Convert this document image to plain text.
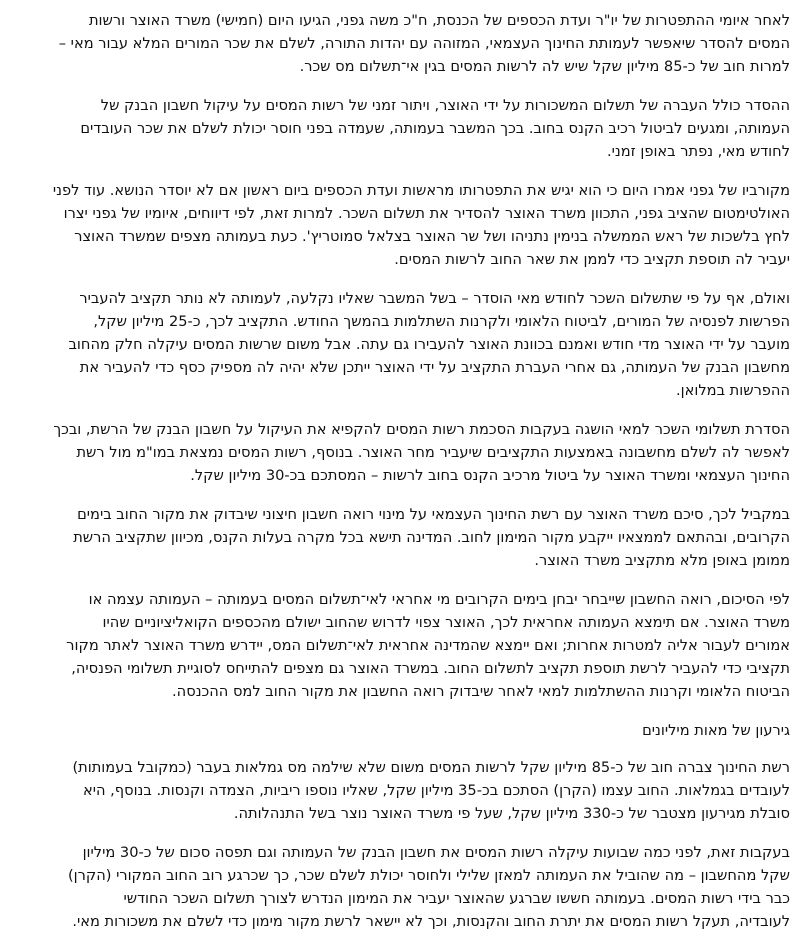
לאחר איומי ההתפטרות של יו"ר ועדת הכספים של הכנסת, ח"כ משה גפני, הגיעו היום (חמישי) משרד האוצר ורשות
המסים להסדר שיאפשר לעמותת החינוך העצמאי, המזוהה עם יהדות התורה, לשלם את שכר המורים המלא עבור מאי –
למרות חוב של כ-85 מיליון שקל שיש לה לרשות המסים בגין אי־תשלום מס שכר.

ההסדר כולל העברה של תשלום המשכורות על ידי האוצר, ויתור זמני של רשות המסים על עיקול חשבון הבנק של
העמותה, ומגעים לביטול רכיב הקנס בחוב. בכך המשבר בעמותה, שעמדה בפני חוסר יכולת לשלם את שכר העובדים
לחודש מאי, נפתר באופן זמני.

מקורביו של גפני אמרו היום כי הוא יגיש את התפטרותו מראשות ועדת הכספים ביום ראשון אם לא יוסדר הנושא. עוד לפני
האולטימטום שהציב גפני, התכוון משרד האוצר להסדיר את תשלום השכר. למרות זאת, לפי דיווחים, איומיו של גפני יצרו
לחץ בלשכות של ראש הממשלה בנימין נתניהו ושל שר האוצר בצלאל סמוטריץ'. כעת בעמותה מצפים שמשרד האוצר
יעביר לה תוספת תקציב כדי לממן את שאר החוב לרשות המסים.

ואולם, אף על פי שתשלום השכר לחודש מאי הוסדר – בשל המשבר שאליו נקלעה, לעמותה לא נותר תקציב להעביר
הפרשות לפנסיה של המורים, לביטוח הלאומי ולקרנות השתלמות בהמשך החודש. התקציב לכך, כ-25 מיליון שקל,
מועבר על ידי האוצר מדי חודש ואמנם בכוונת האוצר להעבירו גם עתה. אבל משום שרשות המסים עיקלה חלק מהחוב
מחשבון הבנק של העמותה, גם אחרי העברת התקציב על ידי האוצר ייתכן שלא יהיה לה מספיק כסף כדי להעביר את
ההפרשות במלואן.

הסדרת תשלומי השכר למאי הושגה בעקבות הסכמת רשות המסים להקפיא את העיקול על חשבון הבנק של הרשת, ובכך
לאפשר לה לשלם מחשבונה באמצעות התקציבים שיעביר מחר האוצר. בנוסף, רשות המסים נמצאת במו"מ מול רשת
החינוך העצמאי ומשרד האוצר על ביטול מרכיב הקנס בחוב לרשות – המסתכם בכ-30 מיליון שקל.

במקביל לכך, סיכם משרד האוצר עם רשת החינוך העצמאי על מינוי רואה חשבון חיצוני שיבדוק את מקור החוב בימים
הקרובים, ובהתאם לממצאיו ייקבע מקור המימון לחוב. המדינה תישא בכל מקרה בעלות הקנס, מכיוון שתקציב הרשת
ממומן באופן מלא מתקציב משרד האוצר.

לפי הסיכום, רואה החשבון שייבחר יבחן בימים הקרובים מי אחראי לאי־תשלום המסים בעמותה – העמותה עצמה או
משרד האוצר. אם תימצא העמותה אחראית לכך, האוצר צפוי לדרוש שהחוב ישולם מהכספים הקואליציוניים שהיו
אמורים לעבור אליה למטרות אחרות; ואם יימצא שהמדינה אחראית לאי־תשלום המס, יידרש משרד האוצר לאתר מקור
תקציבי כדי להעביר לרשת תוספת תקציב לתשלום החוב. במשרד האוצר גם מצפים להתייחס לסוגיית תשלומי הפנסיה,
הביטוח הלאומי וקרנות ההשתלמות למאי לאחר שיבדוק רואה החשבון את מקור החוב למס ההכנסה.

גירעון של מאות מיליונים

רשת החינוך צברה חוב של כ-85 מיליון שקל לרשות המסים משום שלא שילמה מס גמלאות בעבר (כמקובל בעמותות)
לעובדים בגמלאות. החוב עצמו (הקרן) הסתכם בכ-35 מיליון שקל, שאליו נוספו ריביות, הצמדה וקנסות. בנוסף, היא
סובלת מגירעון מצטבר של כ-330 מיליון שקל, שעל פי משרד האוצר נוצר בשל התנהלותה.

בעקבות זאת, לפני כמה שבועות עיקלה רשות המסים את חשבון הבנק של העמותה וגם תפסה סכום של כ-30 מיליון
שקל מהחשבון – מה שהוביל את העמותה למאזן שלילי ולחוסר יכולת לשלם שכר, כך שכרגע רוב החוב המקורי (הקרן)
כבר בידי רשות המסים. בעמותה חששו שברגע שהאוצר יעביר את המימון הנדרש לצורך תשלום השכר החודשי
לעובדיה, תעקל רשות המסים את יתרת החוב והקנסות, וכך לא יישאר לרשת מקור מימון כדי לשלם את משכורות מאי.
